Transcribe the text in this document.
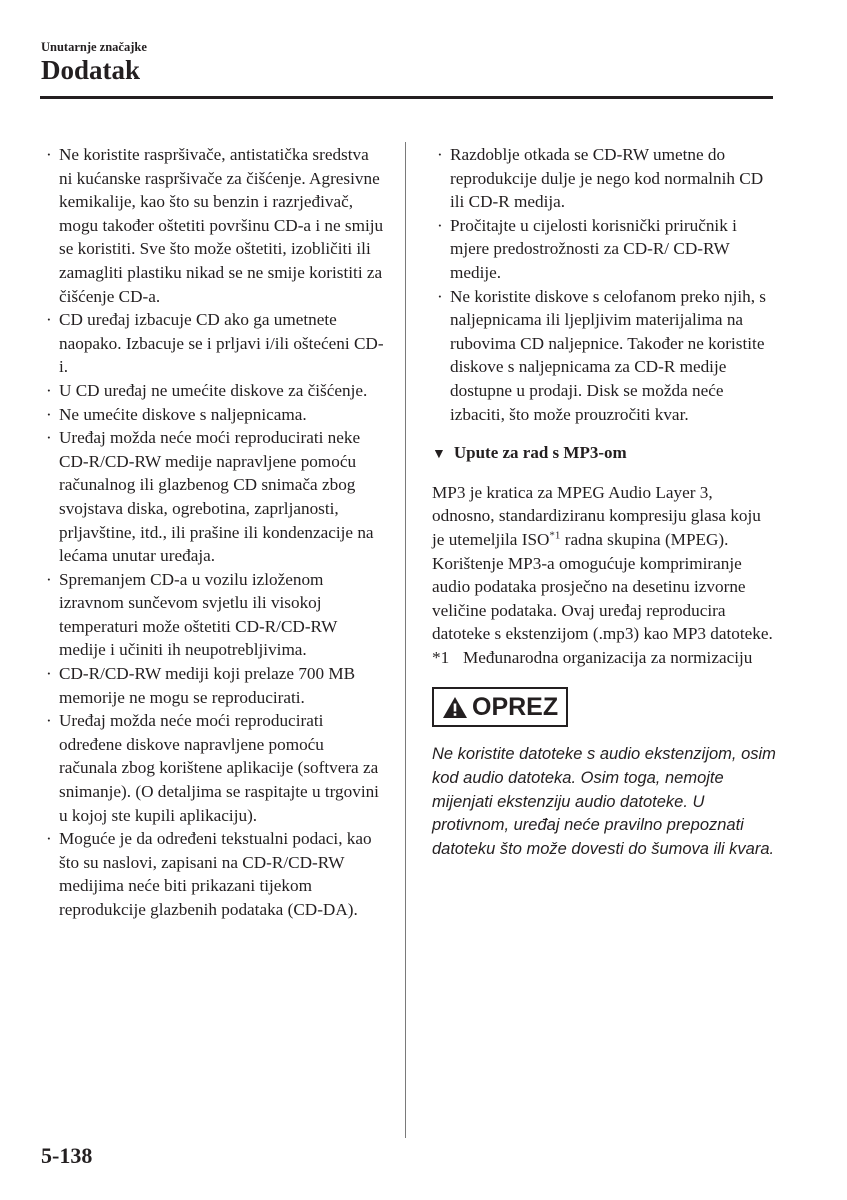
Unutarnje značajke
Dodatak
· Ne koristite raspršivače, antistatička sredstva ni kućanske raspršivače za čišćenje. Agresivne kemikalije, kao što su benzin i razrjeđivač, mogu također oštetiti površinu CD-a i ne smiju se koristiti. Sve što može oštetiti, izobličiti ili zamagliti plastiku nikad se ne smije koristiti za čišćenje CD-a.
· CD uređaj izbacuje CD ako ga umetnete naopako. Izbacuje se i prljavi i/ili oštećeni CD-i.
· U CD uređaj ne umećite diskove za čišćenje.
· Ne umećite diskove s naljepnicama.
· Uređaj možda neće moći reproducirati neke CD-R/CD-RW medije napravljene pomoću računalnog ili glazbenog CD snimača zbog svojstava diska, ogrebotina, zaprljanosti, prljavštine, itd., ili prašine ili kondenzacije na lećama unutar uređaja.
· Spremanjem CD-a u vozilu izloženom izravnom sunčevom svjetlu ili visokoj temperaturi može oštetiti CD-R/CD-RW medije i učiniti ih neupotrebljivima.
· CD-R/CD-RW mediji koji prelaze 700 MB memorije ne mogu se reproducirati.
· Uređaj možda neće moći reproducirati određene diskove napravljene pomoću računala zbog korištene aplikacije (softvera za snimanje). (O detaljima se raspitajte u trgovini u kojoj ste kupili aplikaciju).
· Moguće je da određeni tekstualni podaci, kao što su naslovi, zapisani na CD-R/CD-RW medijima neće biti prikazani tijekom reprodukcije glazbenih podataka (CD-DA).
· Razdoblje otkada se CD-RW umetne do reprodukcije dulje je nego kod normalnih CD ili CD-R medija.
· Pročitajte u cijelosti korisnički priručnik i mjere predostrožnosti za CD-R/ CD-RW medije.
· Ne koristite diskove s celofanom preko njih, s naljepnicama ili ljepljivim materijalima na rubovima CD naljepnice. Također ne koristite diskove s naljepnicama za CD-R medije dostupne u prodaji. Disk se možda neće izbaciti, što može prouzročiti kvar.
▼ Upute za rad s MP3-om
MP3 je kratica za MPEG Audio Layer 3, odnosno, standardiziranu kompresiju glasa koju je utemeljila ISO$^{*1}$ radna skupina (MPEG).
Korištenje MP3-a omogućuje komprimiranje audio podataka prosječno na desetinu izvorne veličine podataka. Ovaj uređaj reproducira datoteke s ekstenzijom (.mp3) kao MP3 datoteke.
*1 Međunarodna organizacija za normizaciju
OPREZ
Ne koristite datoteke s audio ekstenzijom, osim kod audio datoteka. Osim toga, nemojte mijenjati ekstenziju audio datoteke. U protivnom, uređaj neće pravilno prepoznati datoteku što može dovesti do šumova ili kvara.
5-138
